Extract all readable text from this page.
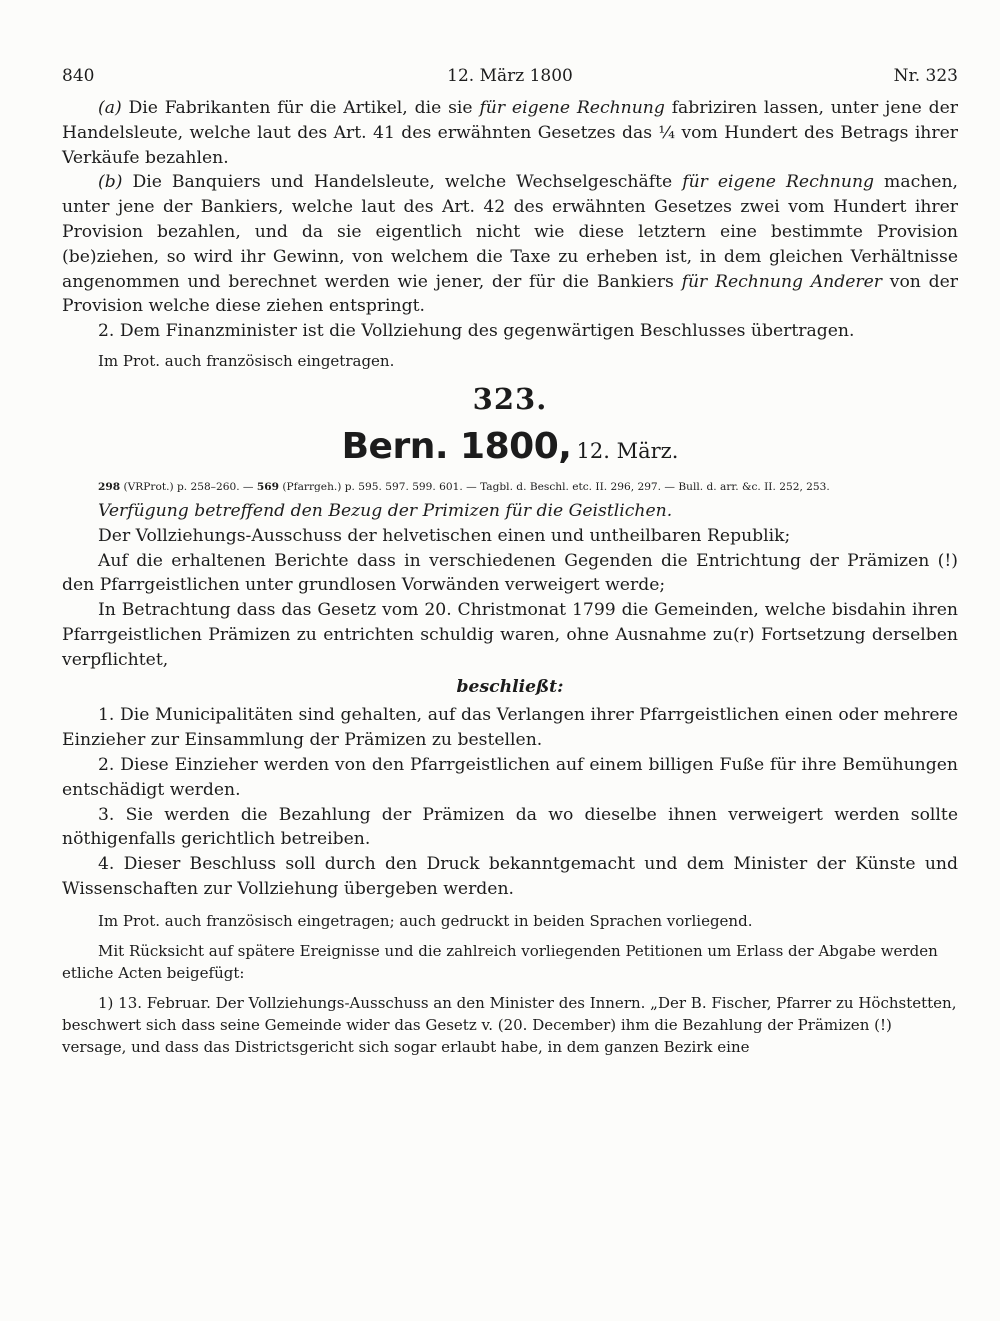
840	12. März 1800	Nr. 323

(a) Die Fabrikanten für die Artikel, die sie für eigene Rechnung fabriziren lassen, unter jene der Handelsleute, welche laut des Art. 41 des erwähnten Gesetzes das ¼ vom Hundert des Betrags ihrer Verkäufe bezahlen.

(b) Die Banquiers und Handelsleute, welche Wechselgeschäfte für eigene Rechnung machen, unter jene der Bankiers, welche laut des Art. 42 des erwähnten Gesetzes zwei vom Hundert ihrer Provision bezahlen, und da sie eigentlich nicht wie diese letztern eine bestimmte Provision (be)ziehen, so wird ihr Gewinn, von welchem die Taxe zu erheben ist, in dem gleichen Verhältnisse angenommen und berechnet werden wie jener, der für die Bankiers für Rechnung Anderer von der Provision welche diese ziehen entspringt.

2. Dem Finanzminister ist die Vollziehung des gegenwärtigen Beschlusses übertragen.

Im Prot. auch französisch eingetragen.

323.
Bern. 1800, 12. März.
298 (VRProt.) p. 258–260. — 569 (Pfarrgeh.) p. 595. 597. 599. 601. — Tagbl. d. Beschl. etc. II. 296, 297. — Bull. d. arr. &c. II. 252, 253.

Verfügung betreffend den Bezug der Primizen für die Geistlichen.

Der Vollziehungs-Ausschuss der helvetischen einen und untheilbaren Republik;

Auf die erhaltenen Berichte dass in verschiedenen Gegenden die Entrichtung der Prämizen (!) den Pfarrgeistlichen unter grundlosen Vorwänden verweigert werde;

In Betrachtung dass das Gesetz vom 20. Christmonat 1799 die Gemeinden, welche bisdahin ihren Pfarrgeistlichen Prämizen zu entrichten schuldig waren, ohne Ausnahme zu(r) Fortsetzung derselben verpflichtet,

beschließt:

1. Die Municipalitäten sind gehalten, auf das Verlangen ihrer Pfarrgeistlichen einen oder mehrere Einzieher zur Einsammlung der Prämizen zu bestellen.

2. Diese Einzieher werden von den Pfarrgeistlichen auf einem billigen Fuße für ihre Bemühungen entschädigt werden.

3. Sie werden die Bezahlung der Prämizen da wo dieselbe ihnen verweigert werden sollte nöthigenfalls gerichtlich betreiben.

4. Dieser Beschluss soll durch den Druck bekanntgemacht und dem Minister der Künste und Wissenschaften zur Vollziehung übergeben werden.

Im Prot. auch französisch eingetragen; auch gedruckt in beiden Sprachen vorliegend.

Mit Rücksicht auf spätere Ereignisse und die zahlreich vorliegenden Petitionen um Erlass der Abgabe werden etliche Acten beigefügt:

1) 13. Februar. Der Vollziehungs-Ausschuss an den Minister des Innern. „Der B. Fischer, Pfarrer zu Höchstetten, beschwert sich dass seine Gemeinde wider das Gesetz v. (20. December) ihm die Bezahlung der Prämizen (!) versage, und dass das Districtsgericht sich sogar erlaubt habe, in dem ganzen Bezirk eine
